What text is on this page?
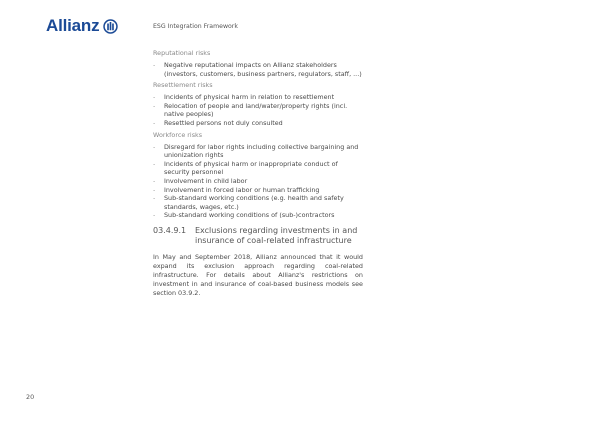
Allianz	ESG Integration Framework
Reputational risks
- Negative reputational impacts on Allianz stakeholders (investors, customers, business partners, regulators, staff, ...)
Resettlement risks
- Incidents of physical harm in relation to resettlement
- Relocation of people and land/water/property rights (incl. native peoples)
- Resettled persons not duly consulted
Workforce risks
- Disregard for labor rights including collective bargaining and unionization rights
- Incidents of physical harm or inappropriate conduct of security personnel
- Involvement in child labor
- Involvement in forced labor or human trafficking
- Sub-standard working conditions (e.g. health and safety standards, wages, etc.)
- Sub-standard working conditions of (sub-)contractors
03.4.9.1	Exclusions regarding investments in and insurance of coal-related infrastructure

In May and September 2018, Allianz announced that it would expand its exclusion approach regarding coal-related infrastructure. For details about Allianz's restrictions on investment in and insurance of coal-based business models see section 03.9.2.

20
